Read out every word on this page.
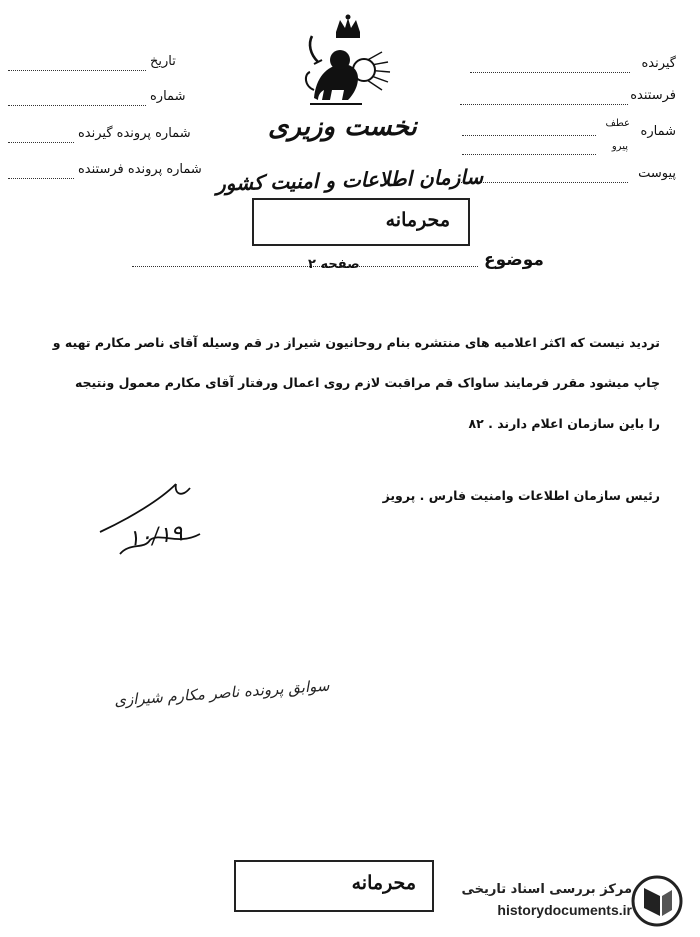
گیرنده
فرستنده
شماره
عطف
پیرو
پیوست
تاریخ
شماره
شماره پرونده گیرنده
شماره پرونده فرستنده
نخست وزیری
سازمان اطلاعات و امنیت کشور
محرمانه
موضوع
صفحه ۲
تردید نیست که اکثر اعلامیه های منتشره بنام روحانیون شیراز در قم وسیله آقای ناصر مکارم تهیه و
چاپ میشود مقرر فرمایند ساواک قم مراقبت لازم روی اعمال ورفتار آقای مکارم معمول ونتیجه
را باین سازمان اعلام دارند . ۸۲
رئیس سازمان اطلاعات وامنیت فارس . پرویز
۱۰/۱۹
سوابق پرونده ناصر مکارم شیرازی
محرمانه	مرکز بررسی اسناد تاریخی
historydocuments.ir
